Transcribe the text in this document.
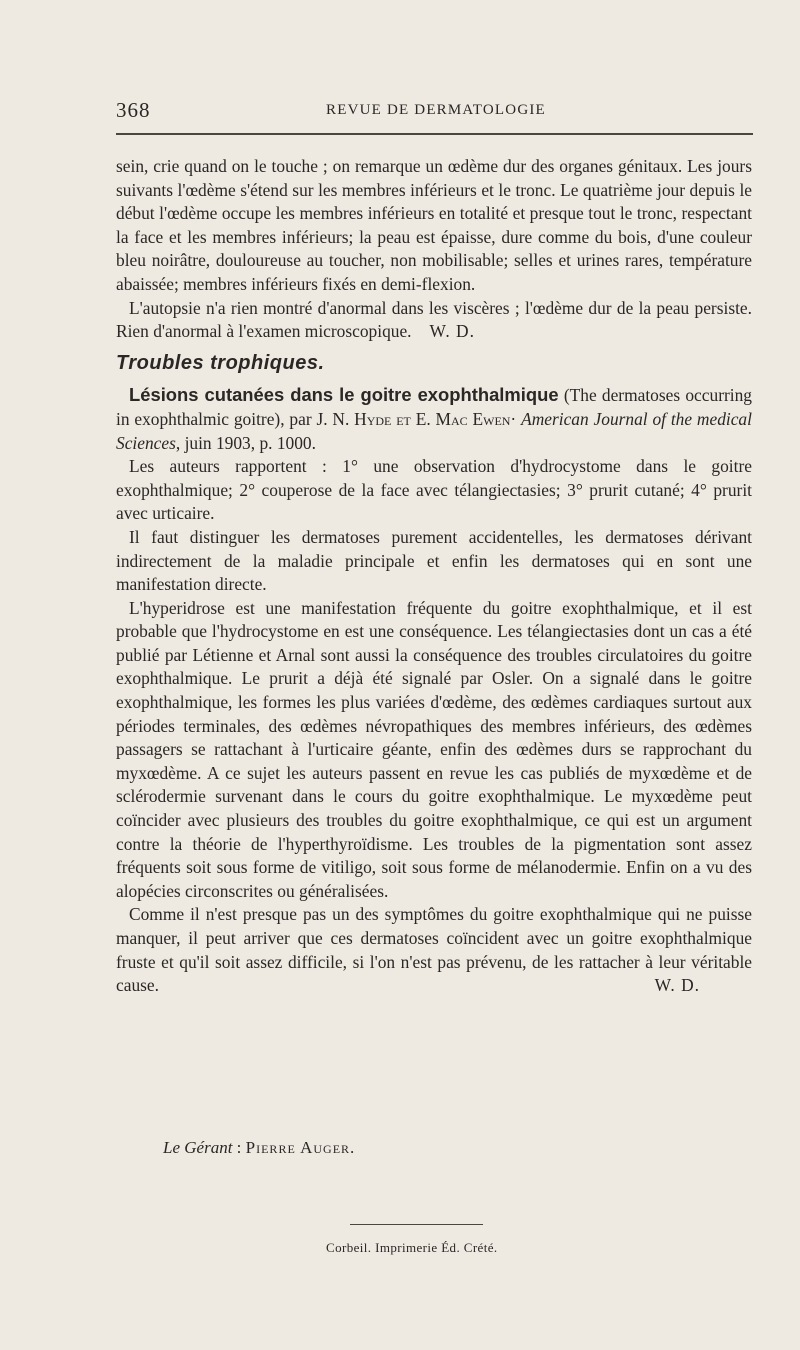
368	REVUE DE DERMATOLOGIE

sein, crie quand on le touche ; on remarque un œdème dur des organes génitaux. Les jours suivants l'œdème s'étend sur les membres inférieurs et le tronc. Le quatrième jour depuis le début l'œdème occupe les membres inférieurs en totalité et presque tout le tronc, respectant la face et les membres inférieurs; la peau est épaisse, dure comme du bois, d'une couleur bleu noirâtre, douloureuse au toucher, non mobilisable; selles et urines rares, température abaissée; membres inférieurs fixés en demi-flexion.

L'autopsie n'a rien montré d'anormal dans les viscères ; l'œdème dur de la peau persiste. Rien d'anormal à l'examen microscopique. W. D.

Troubles trophiques.

Lésions cutanées dans le goitre exophthalmique (The dermatoses occurring in exophthalmic goitre), par J. N. Hyde et E. Mac Ewen· American Journal of the medical Sciences, juin 1903, p. 1000.

Les auteurs rapportent : 1° une observation d'hydrocystome dans le goitre exophthalmique; 2° couperose de la face avec télangiectasies; 3° prurit cutané; 4° prurit avec urticaire.

Il faut distinguer les dermatoses purement accidentelles, les dermatoses dérivant indirectement de la maladie principale et enfin les dermatoses qui en sont une manifestation directe.

L'hyperidrose est une manifestation fréquente du goitre exophthalmique, et il est probable que l'hydrocystome en est une conséquence. Les télangiectasies dont un cas a été publié par Létienne et Arnal sont aussi la conséquence des troubles circulatoires du goitre exophthalmique. Le prurit a déjà été signalé par Osler. On a signalé dans le goitre exophthalmique, les formes les plus variées d'œdème, des œdèmes cardiaques surtout aux périodes terminales, des œdèmes névropathiques des membres inférieurs, des œdèmes passagers se rattachant à l'urticaire géante, enfin des œdèmes durs se rapprochant du myxœdème. A ce sujet les auteurs passent en revue les cas publiés de myxœdème et de sclérodermie survenant dans le cours du goitre exophthalmique. Le myxœdème peut coïncider avec plusieurs des troubles du goitre exophthalmique, ce qui est un argument contre la théorie de l'hyperthyroïdisme. Les troubles de la pigmentation sont assez fréquents soit sous forme de vitiligo, soit sous forme de mélanodermie. Enfin on a vu des alopécies circonscrites ou généralisées.

Comme il n'est presque pas un des symptômes du goitre exophthalmique qui ne puisse manquer, il peut arriver que ces dermatoses coïncident avec un goitre exophthalmique fruste et qu'il soit assez difficile, si l'on n'est pas prévenu, de les rattacher à leur véritable cause.	W. D.

Le Gérant : Pierre Auger.
Corbeil. Imprimerie Éd. Crété.
